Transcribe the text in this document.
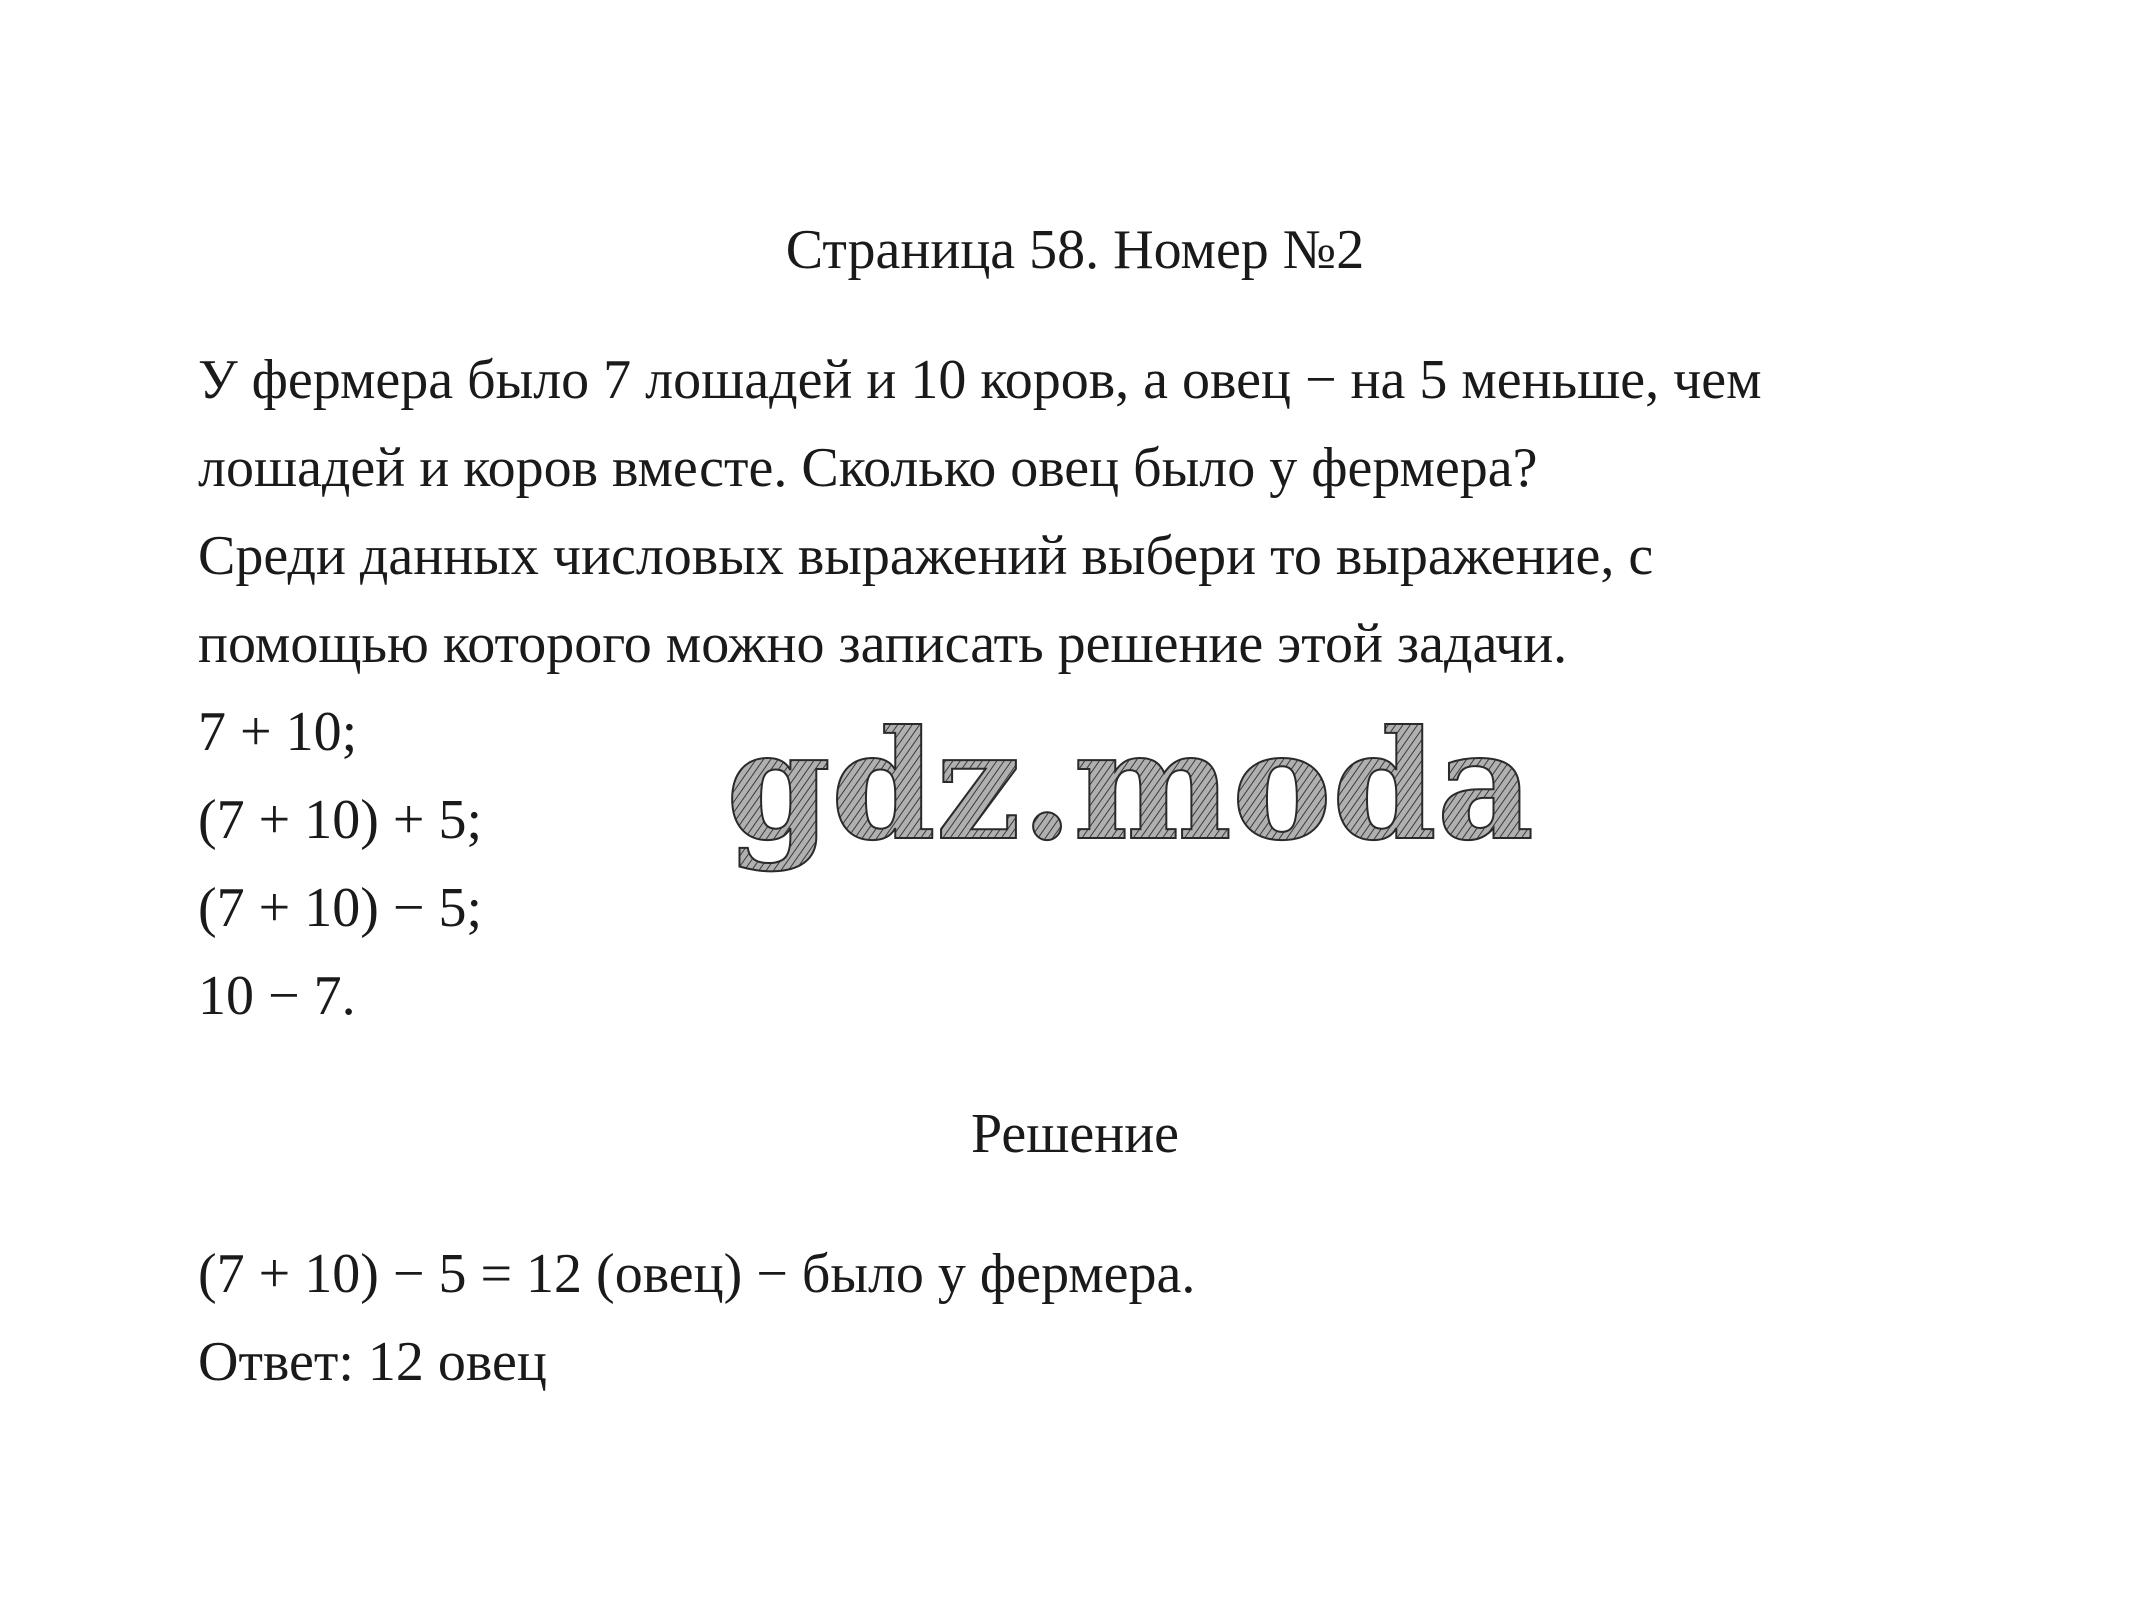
Страница 58. Номер №2
У фермера было 7 лошадей и 10 коров, а овец − на 5 меньше, чем
лошадей и коров вместе. Сколько овец было у фермера?
Среди данных числовых выражений выбери то выражение, с
помощью которого можно записать решение этой задачи.
7 + 10;
(7 + 10) + 5;
(7 + 10) − 5;
10 − 7.
Решение
(7 + 10) − 5 = 12 (овец) − было у фермера.
Ответ: 12 овец
gdz.moda
